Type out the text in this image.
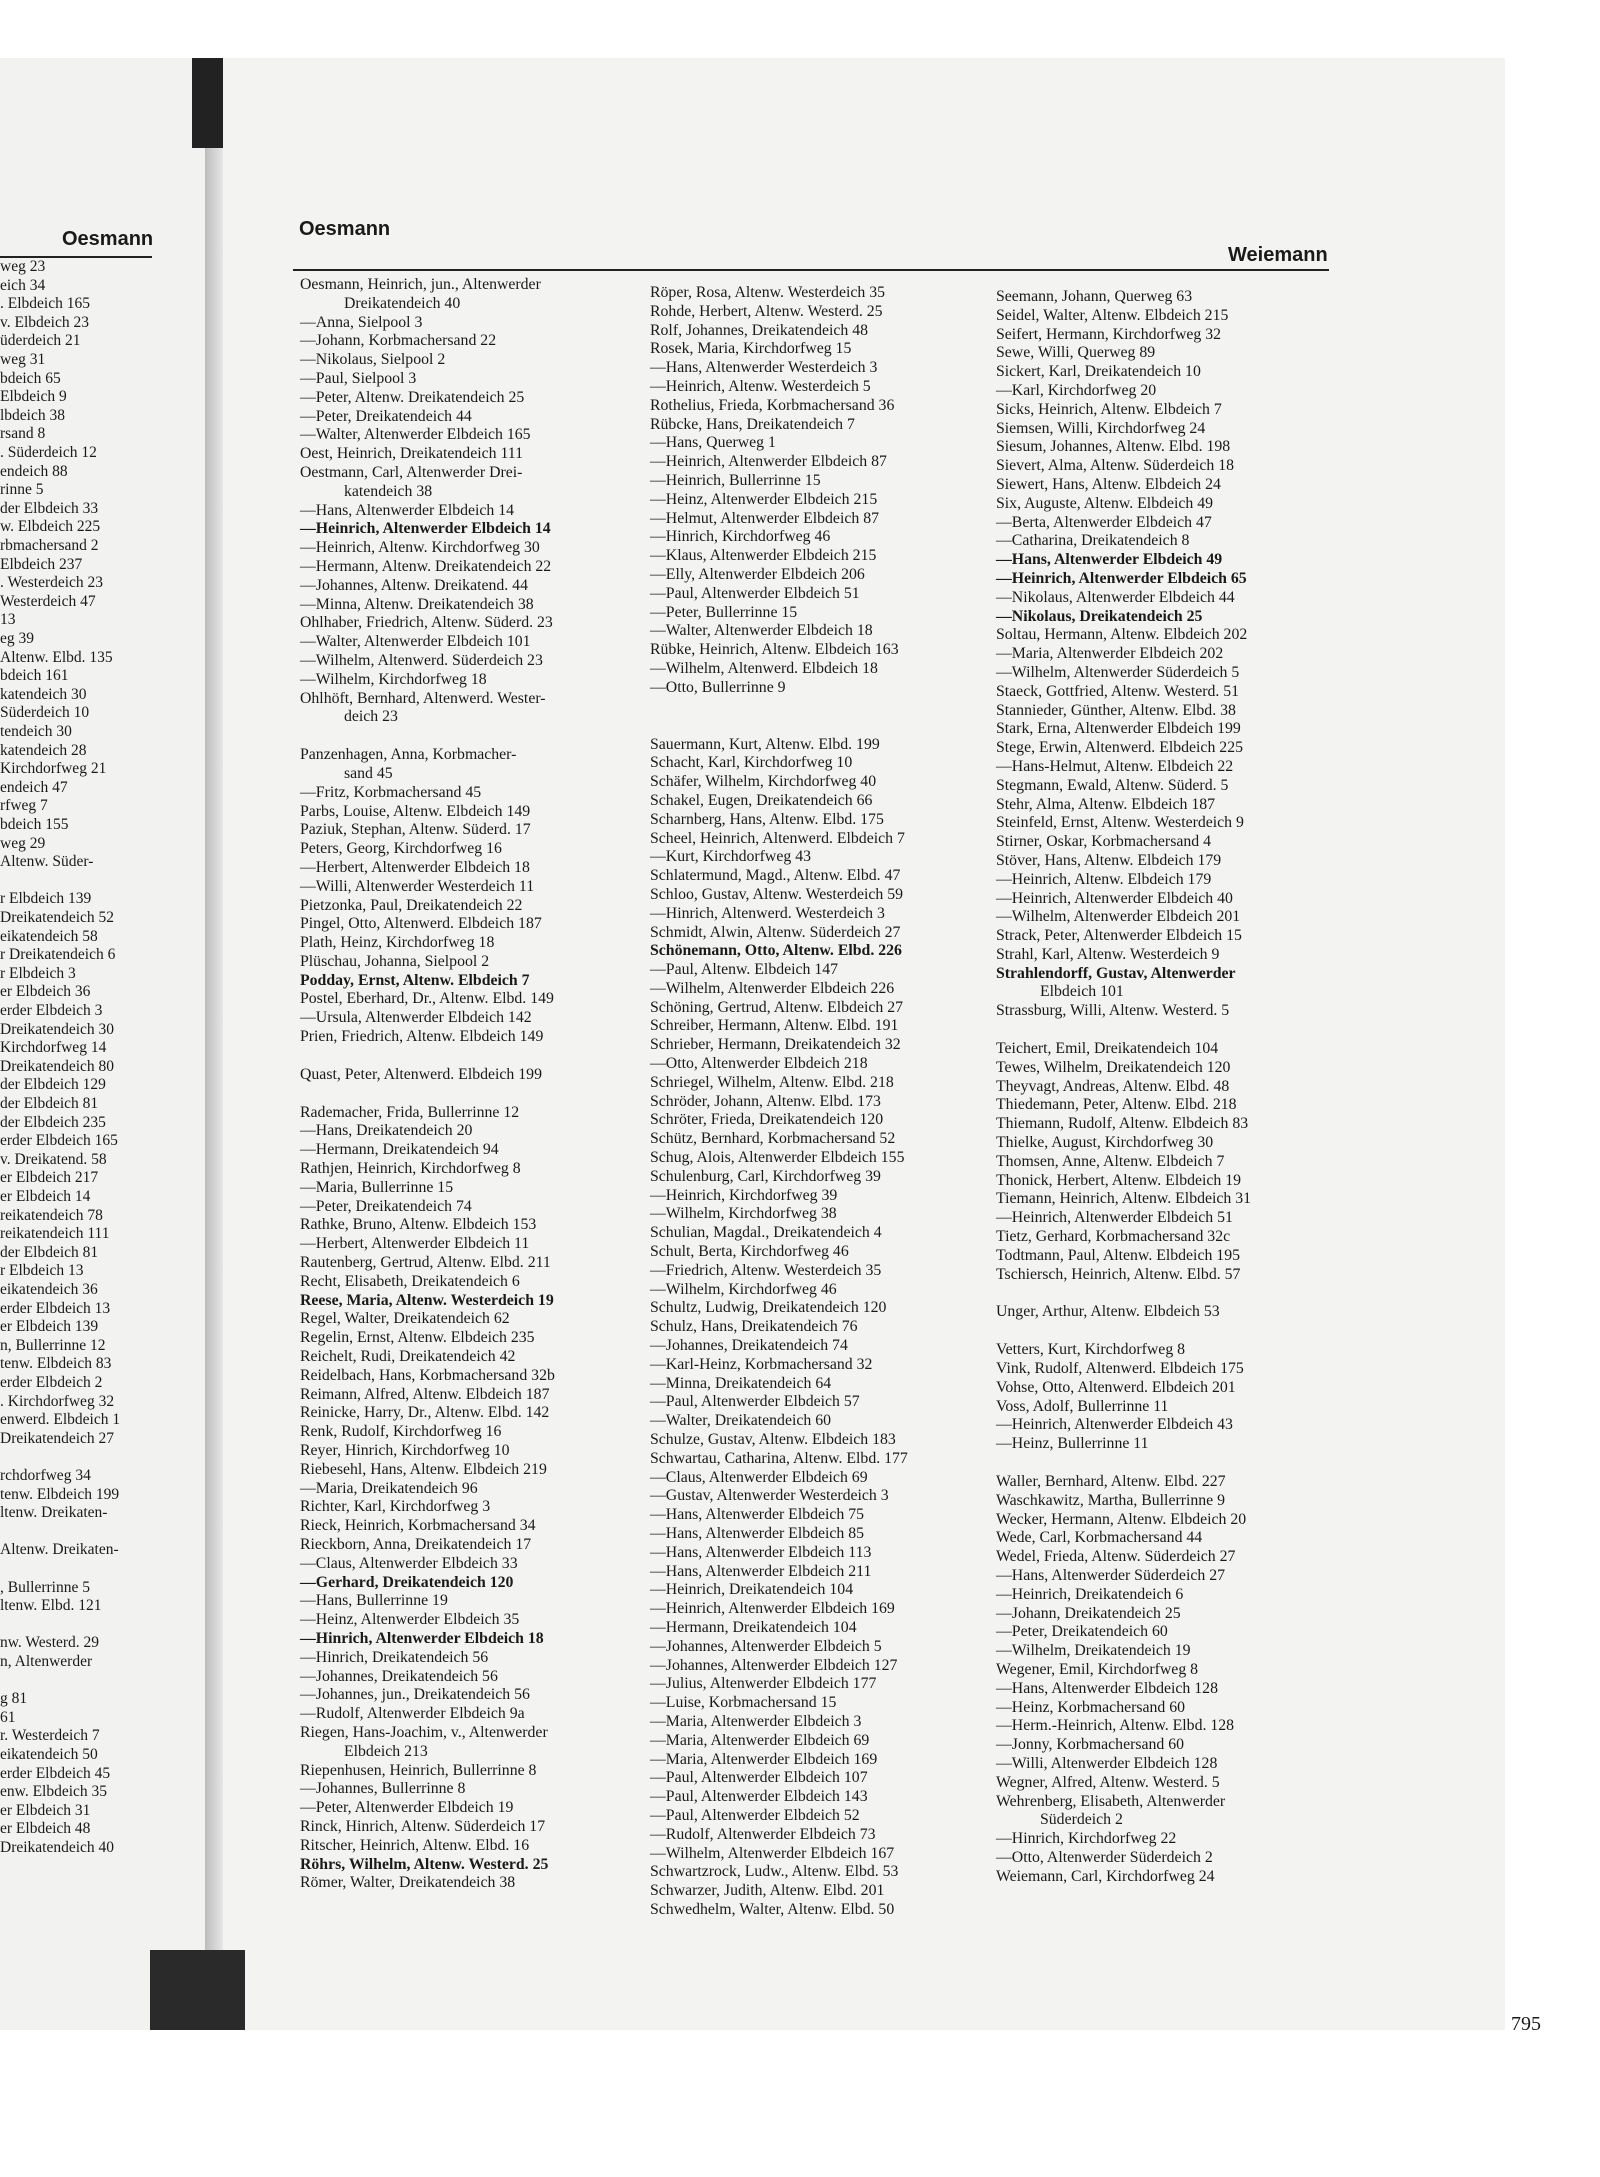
Oesmann
weg 23
eich 34
. Elbdeich 165
v. Elbdeich 23
üderdeich 21
weg 31
bdeich 65
Elbdeich 9
lbdeich 38
rsand 8
. Süderdeich 12
endeich 88
rinne 5
der Elbdeich 33
w. Elbdeich 225
rbmachersand 2
Elbdeich 237
. Westerdeich 23
Westerdeich 47
13
eg 39
Altenw. Elbd. 135
bdeich 161
katendeich 30
Süderdeich 10
tendeich 30
katendeich 28
Kirchdorfweg 21
endeich 47
rfweg 7
bdeich 155
weg 29
Altenw. Süder-
r Elbdeich 139
Dreikatendeich 52
eikatendeich 58
r Dreikatendeich 6
r Elbdeich 3
er Elbdeich 36
erder Elbdeich 3
Dreikatendeich 30
Kirchdorfweg 14
Dreikatendeich 80
der Elbdeich 129
der Elbdeich 81
der Elbdeich 235
erder Elbdeich 165
v. Dreikatend. 58
er Elbdeich 217
er Elbdeich 14
reikatendeich 78
reikatendeich 111
der Elbdeich 81
r Elbdeich 13
eikatendeich 36
erder Elbdeich 13
er Elbdeich 139
n, Bullerrinne 12
tenw. Elbdeich 83
erder Elbdeich 2
. Kirchdorfweg 32
enwerd. Elbdeich 1
Dreikatendeich 27
rchdorfweg 34
tenw. Elbdeich 199
ltenw. Dreikaten-
Altenw. Dreikaten-
, Bullerrinne 5
ltenw. Elbd. 121
nw. Westerd. 29
n, Altenwerder
g 81
61
r. Westerdeich 7
eikatendeich 50
erder Elbdeich 45
enw. Elbdeich 35
er Elbdeich 31
er Elbdeich 48
Dreikatendeich 40
Oesmann
Weiemann
Oesmann, Heinrich, jun., Altenwerder
Dreikatendeich 40
—Anna, Sielpool 3
—Johann, Korbmachersand 22
—Nikolaus, Sielpool 2
—Paul, Sielpool 3
—Peter, Altenw. Dreikatendeich 25
—Peter, Dreikatendeich 44
—Walter, Altenwerder Elbdeich 165
Oest, Heinrich, Dreikatendeich 111
Oestmann, Carl, Altenwerder Drei-
katendeich 38
—Hans, Altenwerder Elbdeich 14
—Heinrich, Altenwerder Elbdeich 14
—Heinrich, Altenw. Kirchdorfweg 30
—Hermann, Altenw. Dreikatendeich 22
—Johannes, Altenw. Dreikatend. 44
—Minna, Altenw. Dreikatendeich 38
Ohlhaber, Friedrich, Altenw. Süderd. 23
—Walter, Altenwerder Elbdeich 101
—Wilhelm, Altenwerd. Süderdeich 23
—Wilhelm, Kirchdorfweg 18
Ohlhöft, Bernhard, Altenwerd. Wester-
deich 23
Panzenhagen, Anna, Korbmacher-
sand 45
—Fritz, Korbmachersand 45
Parbs, Louise, Altenw. Elbdeich 149
Paziuk, Stephan, Altenw. Süderd. 17
Peters, Georg, Kirchdorfweg 16
—Herbert, Altenwerder Elbdeich 18
—Willi, Altenwerder Westerdeich 11
Pietzonka, Paul, Dreikatendeich 22
Pingel, Otto, Altenwerd. Elbdeich 187
Plath, Heinz, Kirchdorfweg 18
Plüschau, Johanna, Sielpool 2
Podday, Ernst, Altenw. Elbdeich 7
Postel, Eberhard, Dr., Altenw. Elbd. 149
—Ursula, Altenwerder Elbdeich 142
Prien, Friedrich, Altenw. Elbdeich 149
Quast, Peter, Altenwerd. Elbdeich 199
Rademacher, Frida, Bullerrinne 12
—Hans, Dreikatendeich 20
—Hermann, Dreikatendeich 94
Rathjen, Heinrich, Kirchdorfweg 8
—Maria, Bullerrinne 15
—Peter, Dreikatendeich 74
Rathke, Bruno, Altenw. Elbdeich 153
—Herbert, Altenwerder Elbdeich 11
Rautenberg, Gertrud, Altenw. Elbd. 211
Recht, Elisabeth, Dreikatendeich 6
Reese, Maria, Altenw. Westerdeich 19
Regel, Walter, Dreikatendeich 62
Regelin, Ernst, Altenw. Elbdeich 235
Reichelt, Rudi, Dreikatendeich 42
Reidelbach, Hans, Korbmachersand 32b
Reimann, Alfred, Altenw. Elbdeich 187
Reinicke, Harry, Dr., Altenw. Elbd. 142
Renk, Rudolf, Kirchdorfweg 16
Reyer, Hinrich, Kirchdorfweg 10
Riebesehl, Hans, Altenw. Elbdeich 219
—Maria, Dreikatendeich 96
Richter, Karl, Kirchdorfweg 3
Rieck, Heinrich, Korbmachersand 34
Rieckborn, Anna, Dreikatendeich 17
—Claus, Altenwerder Elbdeich 33
—Gerhard, Dreikatendeich 120
—Hans, Bullerrinne 19
—Heinz, Altenwerder Elbdeich 35
—Hinrich, Altenwerder Elbdeich 18
—Hinrich, Dreikatendeich 56
—Johannes, Dreikatendeich 56
—Johannes, jun., Dreikatendeich 56
—Rudolf, Altenwerder Elbdeich 9a
Riegen, Hans-Joachim, v., Altenwerder
Elbdeich 213
Riepenhusen, Heinrich, Bullerrinne 8
—Johannes, Bullerrinne 8
—Peter, Altenwerder Elbdeich 19
Rinck, Hinrich, Altenw. Süderdeich 17
Ritscher, Heinrich, Altenw. Elbd. 16
Röhrs, Wilhelm, Altenw. Westerd. 25
Römer, Walter, Dreikatendeich 38
Röper, Rosa, Altenw. Westerdeich 35
Rohde, Herbert, Altenw. Westerd. 25
Rolf, Johannes, Dreikatendeich 48
Rosek, Maria, Kirchdorfweg 15
—Hans, Altenwerder Westerdeich 3
—Heinrich, Altenw. Westerdeich 5
Rothelius, Frieda, Korbmachersand 36
Rübcke, Hans, Dreikatendeich 7
—Hans, Querweg 1
—Heinrich, Altenwerder Elbdeich 87
—Heinrich, Bullerrinne 15
—Heinz, Altenwerder Elbdeich 215
—Helmut, Altenwerder Elbdeich 87
—Hinrich, Kirchdorfweg 46
—Klaus, Altenwerder Elbdeich 215
—Elly, Altenwerder Elbdeich 206
—Paul, Altenwerder Elbdeich 51
—Peter, Bullerrinne 15
—Walter, Altenwerder Elbdeich 18
Rübke, Heinrich, Altenw. Elbdeich 163
—Wilhelm, Altenwerd. Elbdeich 18
—Otto, Bullerrinne 9
Sauermann, Kurt, Altenw. Elbd. 199
Schacht, Karl, Kirchdorfweg 10
Schäfer, Wilhelm, Kirchdorfweg 40
Schakel, Eugen, Dreikatendeich 66
Scharnberg, Hans, Altenw. Elbd. 175
Scheel, Heinrich, Altenwerd. Elbdeich 7
—Kurt, Kirchdorfweg 43
Schlatermund, Magd., Altenw. Elbd. 47
Schloo, Gustav, Altenw. Westerdeich 59
—Hinrich, Altenwerd. Westerdeich 3
Schmidt, Alwin, Altenw. Süderdeich 27
Schönemann, Otto, Altenw. Elbd. 226
—Paul, Altenw. Elbdeich 147
—Wilhelm, Altenwerder Elbdeich 226
Schöning, Gertrud, Altenw. Elbdeich 27
Schreiber, Hermann, Altenw. Elbd. 191
Schrieber, Hermann, Dreikatendeich 32
—Otto, Altenwerder Elbdeich 218
Schriegel, Wilhelm, Altenw. Elbd. 218
Schröder, Johann, Altenw. Elbd. 173
Schröter, Frieda, Dreikatendeich 120
Schütz, Bernhard, Korbmachersand 52
Schug, Alois, Altenwerder Elbdeich 155
Schulenburg, Carl, Kirchdorfweg 39
—Heinrich, Kirchdorfweg 39
—Wilhelm, Kirchdorfweg 38
Schulian, Magdal., Dreikatendeich 4
Schult, Berta, Kirchdorfweg 46
—Friedrich, Altenw. Westerdeich 35
—Wilhelm, Kirchdorfweg 46
Schultz, Ludwig, Dreikatendeich 120
Schulz, Hans, Dreikatendeich 76
—Johannes, Dreikatendeich 74
—Karl-Heinz, Korbmachersand 32
—Minna, Dreikatendeich 64
—Paul, Altenwerder Elbdeich 57
—Walter, Dreikatendeich 60
Schulze, Gustav, Altenw. Elbdeich 183
Schwartau, Catharina, Altenw. Elbd. 177
—Claus, Altenwerder Elbdeich 69
—Gustav, Altenwerder Westerdeich 3
—Hans, Altenwerder Elbdeich 75
—Hans, Altenwerder Elbdeich 85
—Hans, Altenwerder Elbdeich 113
—Hans, Altenwerder Elbdeich 211
—Heinrich, Dreikatendeich 104
—Heinrich, Altenwerder Elbdeich 169
—Hermann, Dreikatendeich 104
—Johannes, Altenwerder Elbdeich 5
—Johannes, Altenwerder Elbdeich 127
—Julius, Altenwerder Elbdeich 177
—Luise, Korbmachersand 15
—Maria, Altenwerder Elbdeich 3
—Maria, Altenwerder Elbdeich 69
—Maria, Altenwerder Elbdeich 169
—Paul, Altenwerder Elbdeich 107
—Paul, Altenwerder Elbdeich 143
—Paul, Altenwerder Elbdeich 52
—Rudolf, Altenwerder Elbdeich 73
—Wilhelm, Altenwerder Elbdeich 167
Schwartzrock, Ludw., Altenw. Elbd. 53
Schwarzer, Judith, Altenw. Elbd. 201
Schwedhelm, Walter, Altenw. Elbd. 50
Seemann, Johann, Querweg 63
Seidel, Walter, Altenw. Elbdeich 215
Seifert, Hermann, Kirchdorfweg 32
Sewe, Willi, Querweg 89
Sickert, Karl, Dreikatendeich 10
—Karl, Kirchdorfweg 20
Sicks, Heinrich, Altenw. Elbdeich 7
Siemsen, Willi, Kirchdorfweg 24
Siesum, Johannes, Altenw. Elbd. 198
Sievert, Alma, Altenw. Süderdeich 18
Siewert, Hans, Altenw. Elbdeich 24
Six, Auguste, Altenw. Elbdeich 49
—Berta, Altenwerder Elbdeich 47
—Catharina, Dreikatendeich 8
—Hans, Altenwerder Elbdeich 49
—Heinrich, Altenwerder Elbdeich 65
—Nikolaus, Altenwerder Elbdeich 44
—Nikolaus, Dreikatendeich 25
Soltau, Hermann, Altenw. Elbdeich 202
—Maria, Altenwerder Elbdeich 202
—Wilhelm, Altenwerder Süderdeich 5
Staeck, Gottfried, Altenw. Westerd. 51
Stannieder, Günther, Altenw. Elbd. 38
Stark, Erna, Altenwerder Elbdeich 199
Stege, Erwin, Altenwerd. Elbdeich 225
—Hans-Helmut, Altenw. Elbdeich 22
Stegmann, Ewald, Altenw. Süderd. 5
Stehr, Alma, Altenw. Elbdeich 187
Steinfeld, Ernst, Altenw. Westerdeich 9
Stirner, Oskar, Korbmachersand 4
Stöver, Hans, Altenw. Elbdeich 179
—Heinrich, Altenw. Elbdeich 179
—Heinrich, Altenwerder Elbdeich 40
—Wilhelm, Altenwerder Elbdeich 201
Strack, Peter, Altenwerder Elbdeich 15
Strahl, Karl, Altenw. Westerdeich 9
Strahlendorff, Gustav, Altenwerder
Elbdeich 101
Strassburg, Willi, Altenw. Westerd. 5
Teichert, Emil, Dreikatendeich 104
Tewes, Wilhelm, Dreikatendeich 120
Theyvagt, Andreas, Altenw. Elbd. 48
Thiedemann, Peter, Altenw. Elbd. 218
Thiemann, Rudolf, Altenw. Elbdeich 83
Thielke, August, Kirchdorfweg 30
Thomsen, Anne, Altenw. Elbdeich 7
Thonick, Herbert, Altenw. Elbdeich 19
Tiemann, Heinrich, Altenw. Elbdeich 31
—Heinrich, Altenwerder Elbdeich 51
Tietz, Gerhard, Korbmachersand 32c
Todtmann, Paul, Altenw. Elbdeich 195
Tschiersch, Heinrich, Altenw. Elbd. 57
Unger, Arthur, Altenw. Elbdeich 53
Vetters, Kurt, Kirchdorfweg 8
Vink, Rudolf, Altenwerd. Elbdeich 175
Vohse, Otto, Altenwerd. Elbdeich 201
Voss, Adolf, Bullerrinne 11
—Heinrich, Altenwerder Elbdeich 43
—Heinz, Bullerrinne 11
Waller, Bernhard, Altenw. Elbd. 227
Waschkawitz, Martha, Bullerrinne 9
Wecker, Hermann, Altenw. Elbdeich 20
Wede, Carl, Korbmachersand 44
Wedel, Frieda, Altenw. Süderdeich 27
—Hans, Altenwerder Süderdeich 27
—Heinrich, Dreikatendeich 6
—Johann, Dreikatendeich 25
—Peter, Dreikatendeich 60
—Wilhelm, Dreikatendeich 19
Wegener, Emil, Kirchdorfweg 8
—Hans, Altenwerder Elbdeich 128
—Heinz, Korbmachersand 60
—Herm.-Heinrich, Altenw. Elbd. 128
—Jonny, Korbmachersand 60
—Willi, Altenwerder Elbdeich 128
Wegner, Alfred, Altenw. Westerd. 5
Wehrenberg, Elisabeth, Altenwerder
Süderdeich 2
—Hinrich, Kirchdorfweg 22
—Otto, Altenwerder Süderdeich 2
Weiemann, Carl, Kirchdorfweg 24
795
